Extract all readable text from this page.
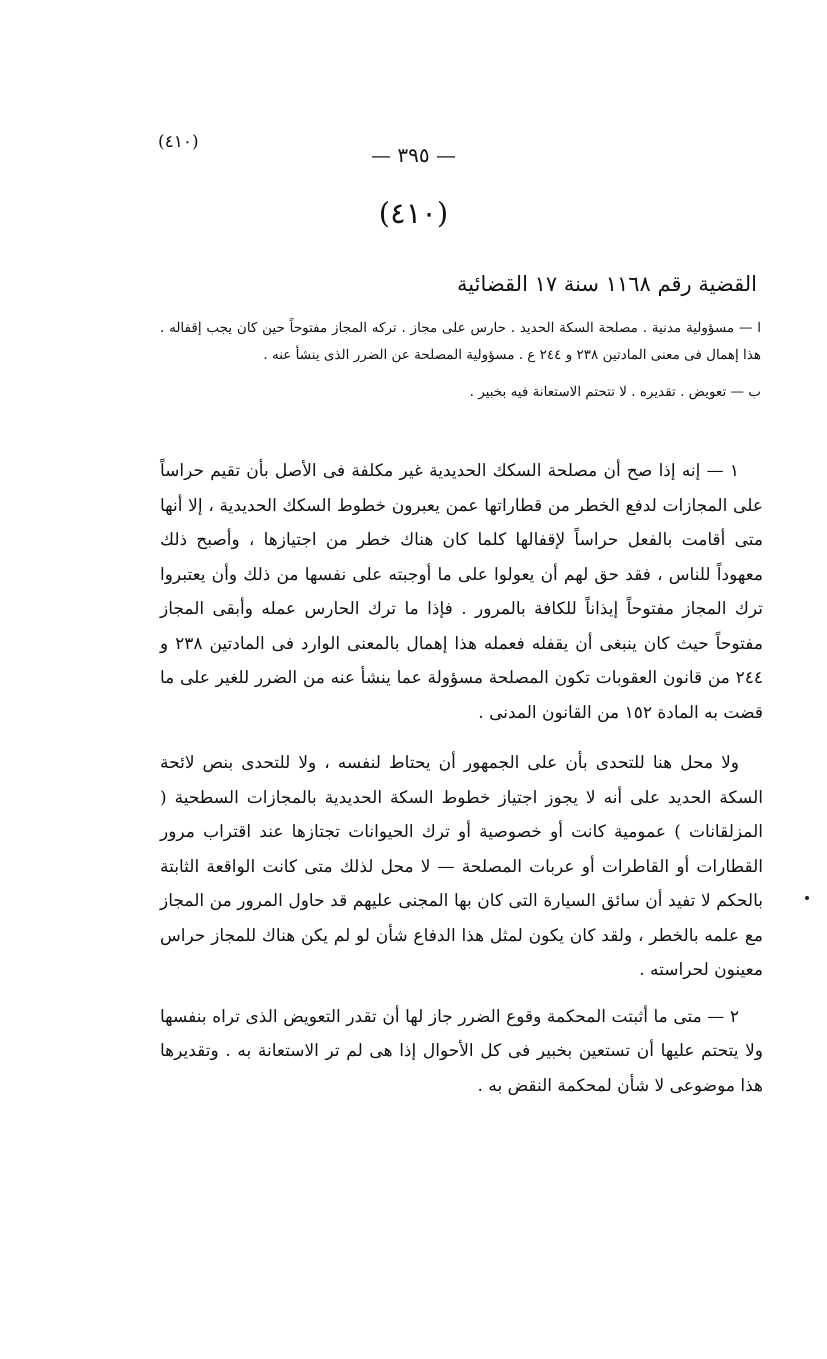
(٤١٠)
— ٣٩٥ —
(٤١٠)
القضية رقم ١١٦٨ سنة ١٧ القضائية

ا — مسؤولية مدنية . مصلحة السكة الحديد . حارس على مجاز . تركه المجاز مفتوحاً حين كان يجب إقفاله . هذا إهمال فى معنى المادتين ٢٣٨ و ٢٤٤ ع . مسؤولية المصلحة عن الضرر الذى ينشأ عنه .

ب — تعويض . تقديره . لا تتحتم الاستعانة فيه بخبير .

١ — إنه إذا صح أن مصلحة السكك الحديدية غير مكلفة فى الأصل بأن تقيم حراساً على المجازات لدفع الخطر من قطاراتها عمن يعبرون خطوط السكك الحديدية ، إلا أنها متى أقامت بالفعل حراساً لإقفالها كلما كان هناك خطر من اجتيازها ، وأصبح ذلك معهوداً للناس ، فقد حق لهم أن يعولوا على ما أوجبته على نفسها من ذلك وأن يعتبروا ترك المجاز مفتوحاً إيذاناً للكافة بالمرور . فإذا ما ترك الحارس عمله وأبقى المجاز مفتوحاً حيث كان ينبغى أن يقفله فعمله هذا إهمال بالمعنى الوارد فى المادتين ٢٣٨ و ٢٤٤ من قانون العقوبات تكون المصلحة مسؤولة عما ينشأ عنه من الضرر للغير على ما قضت به المادة ١٥٢ من القانون المدنى .

ولا محل هنا للتحدى بأن على الجمهور أن يحتاط لنفسه ، ولا للتحدى بنص لائحة السكة الحديد على أنه لا يجوز اجتياز خطوط السكة الحديدية بالمجازات السطحية ( المزلقانات ) عمومية كانت أو خصوصية أو ترك الحيوانات تجتازها عند اقتراب مرور القطارات أو القاطرات أو عربات المصلحة — لا محل لذلك متى كانت الواقعة الثابتة بالحكم لا تفيد أن سائق السيارة التى كان بها المجنى عليهم قد حاول المرور من المجاز مع علمه بالخطر ، ولقد كان يكون لمثل هذا الدفاع شأن لو لم يكن هناك للمجاز حراس معينون لحراسته .

٢ — متى ما أثبتت المحكمة وقوع الضرر جاز لها أن تقدر التعويض الذى تراه بنفسها ولا يتحتم عليها أن تستعين بخبير فى كل الأحوال إذا هى لم تر الاستعانة به . وتقديرها هذا موضوعى لا شأن لمحكمة النقض به .
